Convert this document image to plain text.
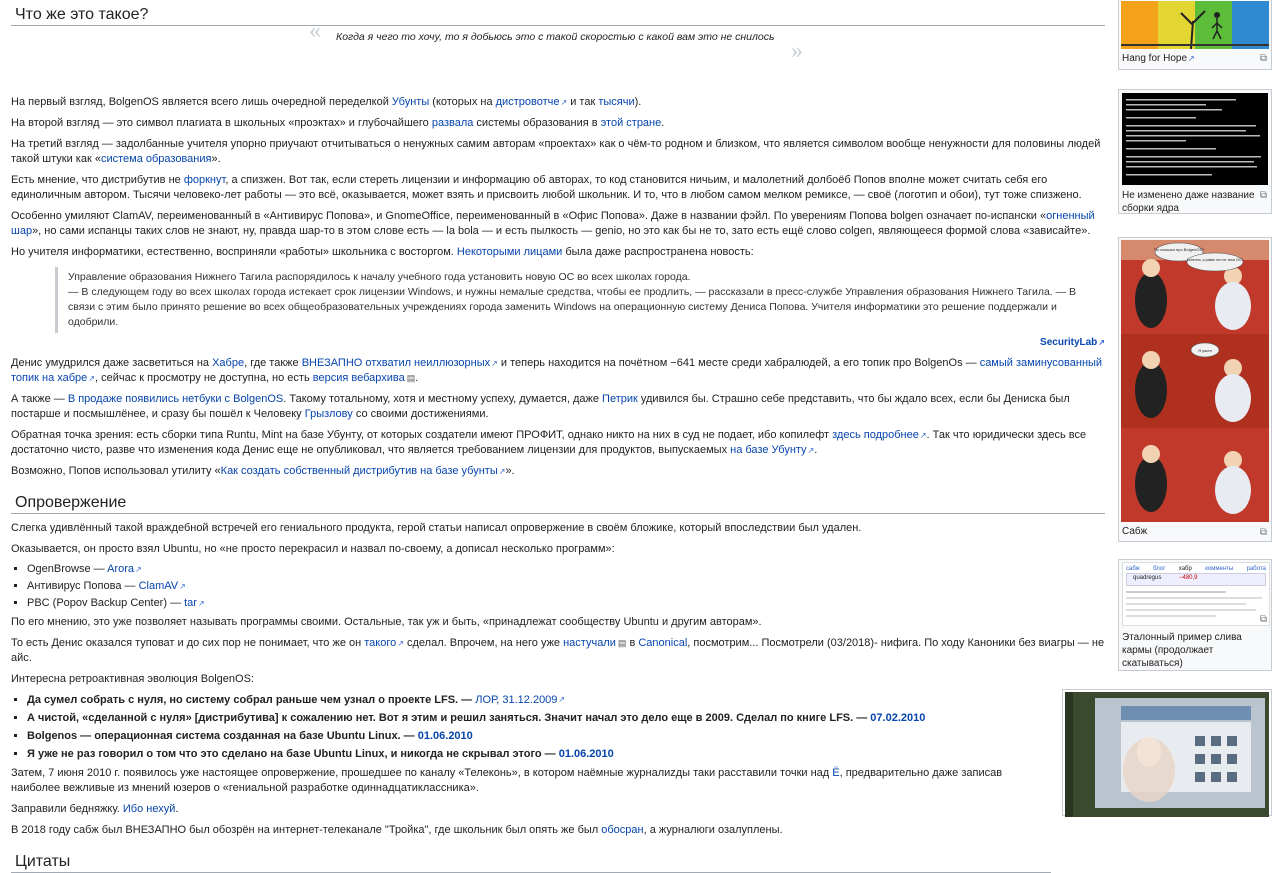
Что же это такое?
« Когда я чего то хочу, то я добьюсь это с такой скоростью с какой вам это не снилось
»

На первый взгляд, BolgenOS является всего лишь очередной переделкой Убунты (которых на дистровотче ↗ и так тысячи).

На второй взгляд — это символ плагиата в школьных «проэктах» и глубочайшего развала системы образования в этой стране.

На третий взгляд — задолбанные учителя упорно приучают отчитываться о ненужных самим авторам «проектах» как о чём-то родном и близком, что является символом вообще ненужности для половины людей такой штуки как «система образования».

Есть мнение, что дистрибутив не форкнут, а спизжен. Вот так, если стереть лицензии и информацию об авторах, то код становится ничьим, и малолетний долбоёб Попов вполне может считать себя его единоличным автором. Тысячи человеко-лет работы — это всё, оказывается, может взять и присвоить любой школьник. И то, что в любом самом мелком ремиксе, — своё (логотип и обои), тут тоже спизжено.

Особенно умиляют ClamAV, переименованный в «Антивирус Попова», и GnomeOffice, переименованный в «Офис Попова». Даже в названии фэйл. По уверениям Попова bolgen означает по-испански «огненный шар», но сами испанцы таких слов не знают, ну, правда шар-то в этом слове есть — la bola — и есть пылкость — genio, но это как бы не то, зато есть ещё слово colgen, являющееся формой слова «зависайте».

Но учителя информатики, естественно, восприняли «работы» школьника с восторгом. Некоторыми лицами была даже распространена новость:

Управление образования Нижнего Тагила распорядилось к началу учебного года установить новую ОС во всех школах города.
— В следующем году во всех школах города истекает срок лицензии Windows, и нужны немалые средства, чтобы ее продлить, — рассказали в пресс-службе Управления образования Нижнего Тагила. — В связи с этим было принято решение во всех общеобразовательных учреждениях города заменить Windows на операционную систему Дениса Попова. Учителя информатики это решение поддержали и одобрили.
SecurityLab ↗

Денис умудрился даже засветиться на Хабре, где также ВНЕЗАПНО отхватил неиллюзорных ↗ и теперь находится на почётном −641 месте среди хабралюдей, а его топик про BolgenOs — самый заминусованный топик на хабре ↗ , сейчас к просмотру не доступна, но есть версия вебархива ▤ .

А также — В продаже появились нетбуки с BolgenOS. Такому тотальному, хотя и местному успеху, думается, даже Петрик удивился бы. Страшно себе представить, что бы ждало всех, если бы Дениска был постарше и посмышлёнее, и сразу бы пошёл к Человеку Грызлову со своими достижениями.

Обратная точка зрения: есть сборки типа Runtu, Mint на базе Убунту, от которых создатели имеют ПРОФИТ, однако никто на них в суд не подает, ибо копилефт здесь подробнее ↗ . Так что юридически здесь все достаточно чисто, разве что изменения кода Денис еще не опубликовал, что является требованием лицензии для продуктов, выпускаемых на базе Убунту ↗ .

Возможно, Попов использовал утилиту «Как создать собственный дистрибутив на базе убунты ↗ ».

Опровержение

Слегка удивлённый такой враждебной встречей его гениального продукта, герой статьи написал опровержение в своём бложике, который впоследствии был удален.

Оказывается, он просто взял Ubuntu, но «не просто перекрасил и назвал по-своему, а дописал несколько программ»:

▪ OgenBrowse — Arora ↗
▪ Антивирус Попова — ClamAV ↗
▪ PBC (Popov Backup Center) — tar ↗

По его мнению, это уже позволяет называть программы своими. Остальные, так уж и быть, «принадлежат сообществу Ubuntu и другим авторам».

То есть Денис оказался туповат и до сих пор не понимает, что же он такого ↗ сделал. Впрочем, на него уже настучали ▤ в Canonical, посмотрим... Посмотрели (03/2018)- нифига. По ходу Каноники без виагры — не айс.

Интересна ретроактивная эволюция BolgenOS:

▪ Да сумел собрать с нуля, но систему собрал раньше чем узнал о проекте LFS. — ЛОР, 31.12.2009 ↗
▪ А чистой, «сделанной с нуля» [дистрибутива] к сожалению нет. Вот я этим и решил заняться. Значит начал это дело еще в 2009. Сделал по книге LFS. — 07.02.2010
▪ Bolgenos — операционная система созданная на базе Ubuntu Linux. — 01.06.2010
▪ Я уже не раз говорил о том что это сделано на базе Ubuntu Linux, и никогда не скрывал этого — 01.06.2010

Затем, 7 июня 2010 г. появилось уже настоящее опровержение, прошедшее по каналу «Телеконь», в котором наёмные журналиzды таки расставили точки над Ё, предварительно даже записав наиболее вежливые из мнений юзеров о «гениальной разработке одиннадцатиклассника».

Заправили бедняжку. Ибо нехуй.

В 2018 году сабж был ВНЕЗАПНО был обозрён на интернет-телеканале "Тройка", где школьник был опять же был обосран, а журналюги озалуплены.

Цитаты
Hang for Hope ↗	⧉
Не изменено даже название сборки ядра
⧉
Ты слышал про BolgenOS?
Конечно, а разве это не твоя ОС?
Я ушел
Сабж	⧉
сабж блог хабр комменты работа
quadregus	−480,9
Эталонный пример слива кармы (продолжает скатываться)
⧉
